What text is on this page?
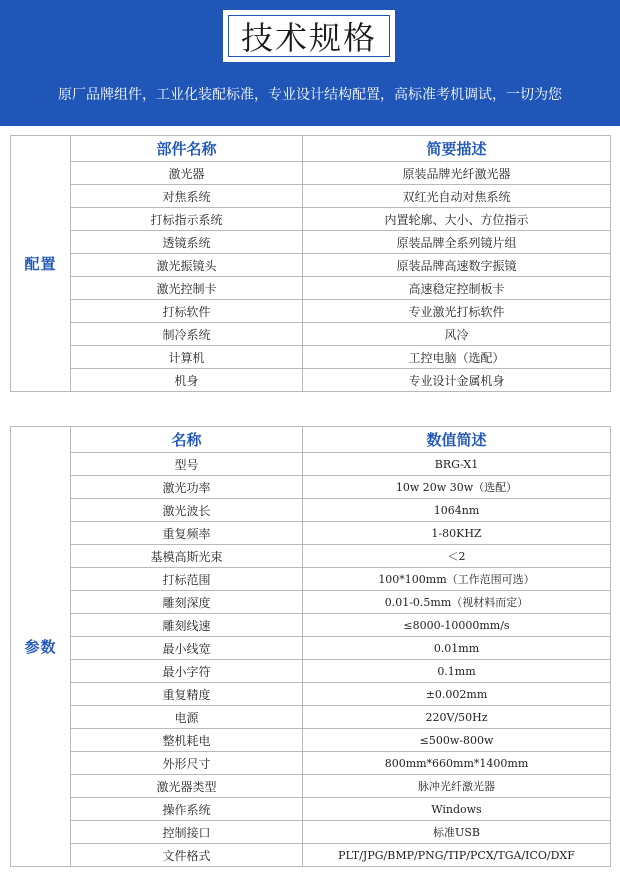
技术规格
原厂品牌组件，工业化装配标准，专业设计结构配置，高标准考机调试，一切为您
配置	部件名称	简要描述
	激光器	原装品牌光纤激光器
	对焦系统	双红光自动对焦系统
	打标指示系统	内置轮廓、大小、方位指示
	透镜系统	原装品牌全系列镜片组
	激光振镜头	原装品牌高速数字振镜
	激光控制卡	高速稳定控制板卡
	打标软件	专业激光打标软件
	制冷系统	风冷
	计算机	工控电脑（选配）
	机身	专业设计金属机身
参数	名称	数值简述
	型号	BRG-X1
	激光功率	10w 20w 30w（选配）
	激光波长	1064nm
	重复频率	1-80KHZ
	基模高斯光束	＜2
	打标范围	100*100mm（工作范围可选）
	雕刻深度	0.01-0.5mm（视材料而定）
	雕刻线速	≤8000-10000mm/s
	最小线宽	0.01mm
	最小字符	0.1mm
	重复精度	±0.002mm
	电源	220V/50Hz
	整机耗电	≤500w-800w
	外形尺寸	800mm*660mm*1400mm
	激光器类型	脉冲光纤激光器
	操作系统	Windows
	控制接口	标准USB
	文件格式	PLT/JPG/BMP/PNG/TIP/PCX/TGA/ICO/DXF
